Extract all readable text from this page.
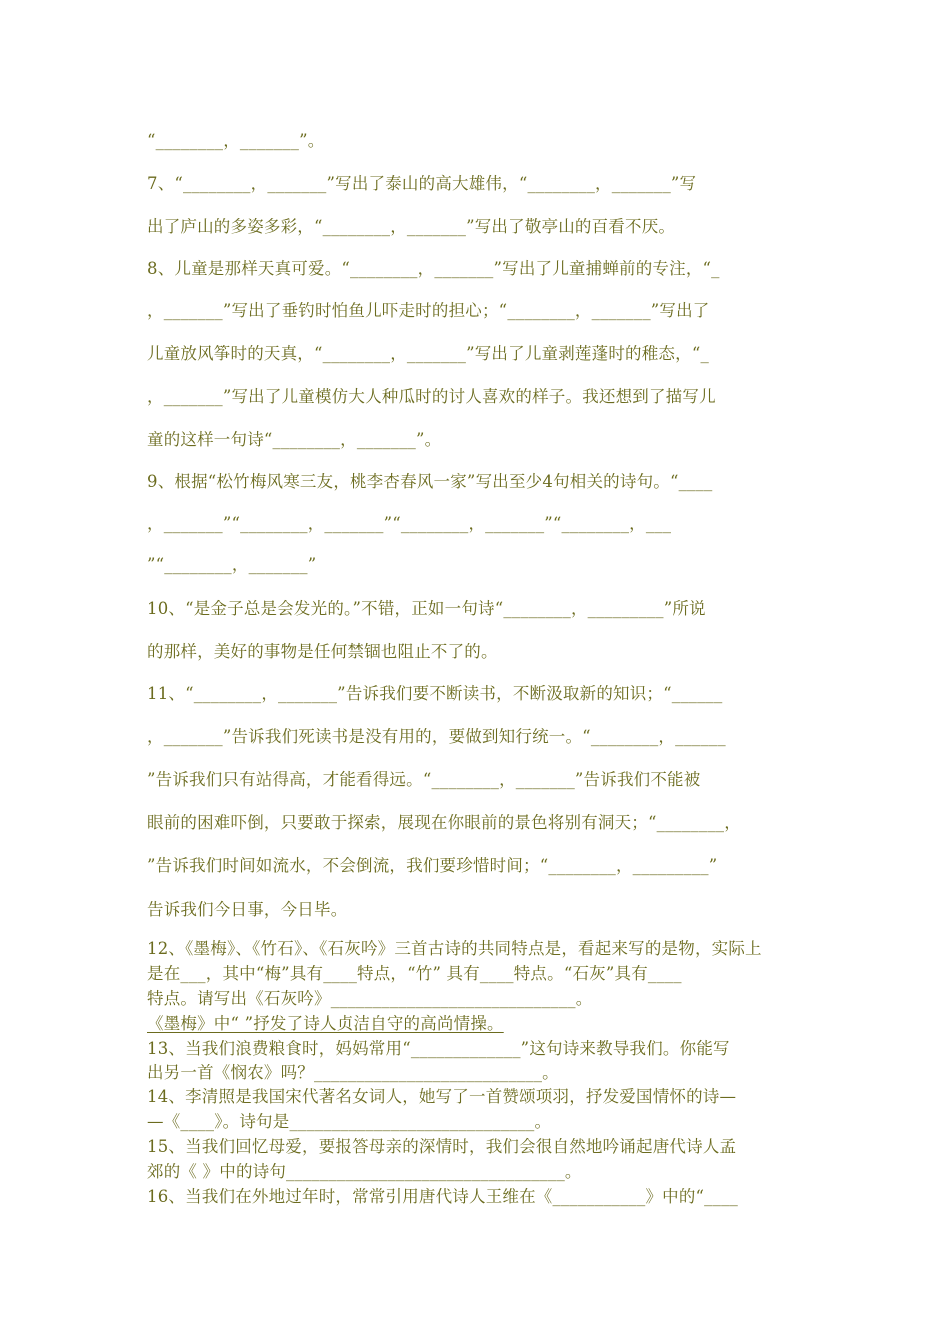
“________，_______”。
7、“________，_______”写出了泰山的高大雄伟，“________，_______”写
出了庐山的多姿多彩，“________，_______”写出了敬亭山的百看不厌。
8、儿童是那样天真可爱。“________，_______”写出了儿童捕蝉前的专注，“_
，_______”写出了垂钓时怕鱼儿吓走时的担心；“________，_______”写出了
儿童放风筝时的天真，“________，_______”写出了儿童剥莲蓬时的稚态，“_
，_______”写出了儿童模仿大人种瓜时的讨人喜欢的样子。我还想到了描写儿
童的这样一句诗“________，_______”。
9、根据“松竹梅风寒三友，桃李杏春风一家”写出至少4句相关的诗句。“____
，_______”“________，_______”“________，_______”“________，___
”“________，_______”
10、“是金子总是会发光的。”不错，正如一句诗“________，_________”所说
的那样，美好的事物是任何禁锢也阻止不了的。
11、“________，_______”告诉我们要不断读书，不断汲取新的知识；“______
，_______”告诉我们死读书是没有用的，要做到知行统一。“________，______
”告诉我们只有站得高，才能看得远。“________，_______”告诉我们不能被
眼前的困难吓倒，只要敢于探索，展现在你眼前的景色将别有洞天；“________，
”告诉我们时间如流水，不会倒流，我们要珍惜时间；“________，_________”
告诉我们今日事，今日毕。
12、《墨梅》、《竹石》、《石灰吟》三首古诗的共同特点是，看起来写的是物，实际上
是在___，其中“梅”具有____特点，“竹” 具有____特点。“石灰”具有____
特点。请写出《石灰吟》_____________________________。
《墨梅》中“ ”抒发了诗人贞洁自守的高尚情操。
13、当我们浪费粮食时，妈妈常用“_____________”这句诗来教导我们。你能写
出另一首《悯农》吗？___________________________。
14、李清照是我国宋代著名女词人，她写了一首赞颂项羽，抒发爱国情怀的诗—
—《____》。诗句是_____________________________。
15、当我们回忆母爱，要报答母亲的深情时，我们会很自然地吟诵起唐代诗人孟
郊的《 》中的诗句_________________________________。
16、当我们在外地过年时，常常引用唐代诗人王维在《___________》中的“____
